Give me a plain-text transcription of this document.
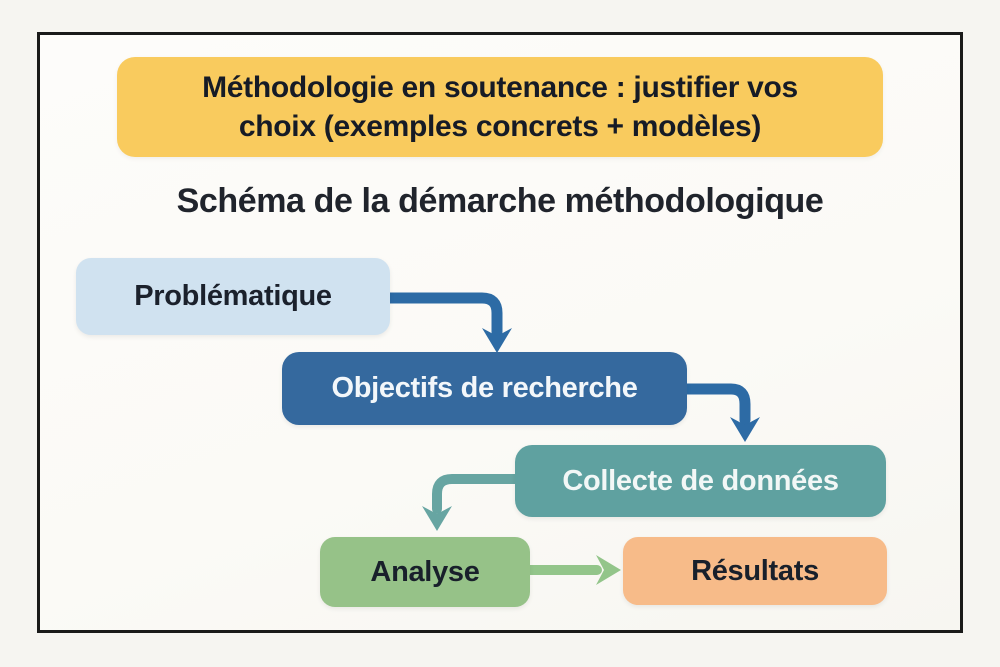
Méthodologie en soutenance : justifier vos
choix (exemples concrets + modèles)
Schéma de la démarche méthodologique
Problématique
Objectifs de recherche
Collecte de données
Analyse	Résultats
